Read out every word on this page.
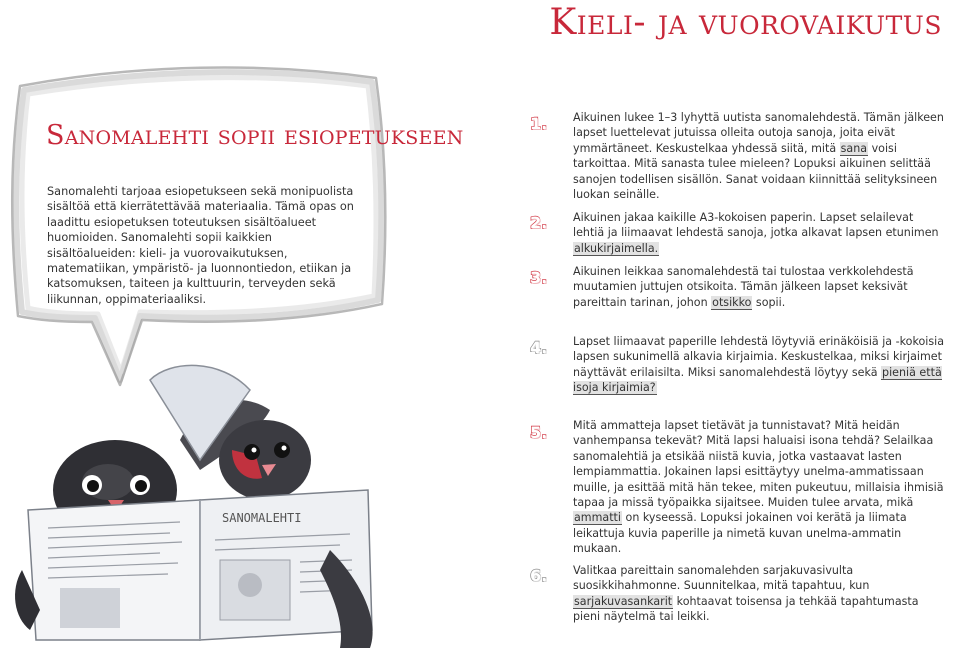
Kieli- ja vuorovaikutus
Sanomalehti sopii esiopetukseen

Sanomalehti tarjoaa esiopetukseen sekä monipuolista sisältöä että kierrätettävää materiaalia. Tämä opas on laadittu esiopetuksen toteutuksen sisältöalueet huomioiden. Sanomalehti sopii kaikkien sisältöalueiden: kieli- ja vuorovaikutuksen, matematiikan, ympäristö- ja luonnontiedon, etiikan ja katsomuksen, taiteen ja kulttuurin, terveyden sekä liikunnan, oppimateriaaliksi.

SANOMALEHTI
1. Aikuinen lukee 1–3 lyhyttä uutista sanomalehdestä. Tämän jälkeen lapset luettelevat jutuissa olleita outoja sanoja, joita eivät ymmärtäneet. Keskustelkaa yhdessä siitä, mitä sana voisi tarkoittaa. Mitä sanasta tulee mieleen? Lopuksi aikuinen selittää sanojen todellisen sisällön. Sanat voidaan kiinnittää selityksineen luokan seinälle.

2. Aikuinen jakaa kaikille A3-kokoisen paperin. Lapset selailevat lehtiä ja liimaavat lehdestä sanoja, jotka alkavat lapsen etunimen alkukirjaimella.

3. Aikuinen leikkaa sanomalehdestä tai tulostaa verkkolehdestä muutamien juttujen otsikoita. Tämän jälkeen lapset keksivät pareittain tarinan, johon otsikko sopii.

4. Lapset liimaavat paperille lehdestä löytyviä erinäköisiä ja -kokoisia lapsen sukunimellä alkavia kirjaimia. Keskustelkaa, miksi kirjaimet näyttävät erilaisilta. Miksi sanomalehdestä löytyy sekä pieniä että isoja kirjaimia?

5. Mitä ammatteja lapset tietävät ja tunnistavat? Mitä heidän vanhempansa tekevät? Mitä lapsi haluaisi isona tehdä? Selailkaa sanomalehtiä ja etsikää niistä kuvia, jotka vastaavat lasten lempiammattia. Jokainen lapsi esittäytyy unelma-ammatissaan muille, ja esittää mitä hän tekee, miten pukeutuu, millaisia ihmisiä tapaa ja missä työpaikka sijaitsee. Muiden tulee arvata, mikä ammatti on kyseessä. Lopuksi jokainen voi kerätä ja liimata leikattuja kuvia paperille ja nimetä kuvan unelma-ammatin mukaan.

6. Valitkaa pareittain sanomalehden sarjakuvasivulta suosikkihahmonne. Suunnitelkaa, mitä tapahtuu, kun sarjakuvasankarit kohtaavat toisensa ja tehkää tapahtumasta pieni näytelmä tai leikki.
